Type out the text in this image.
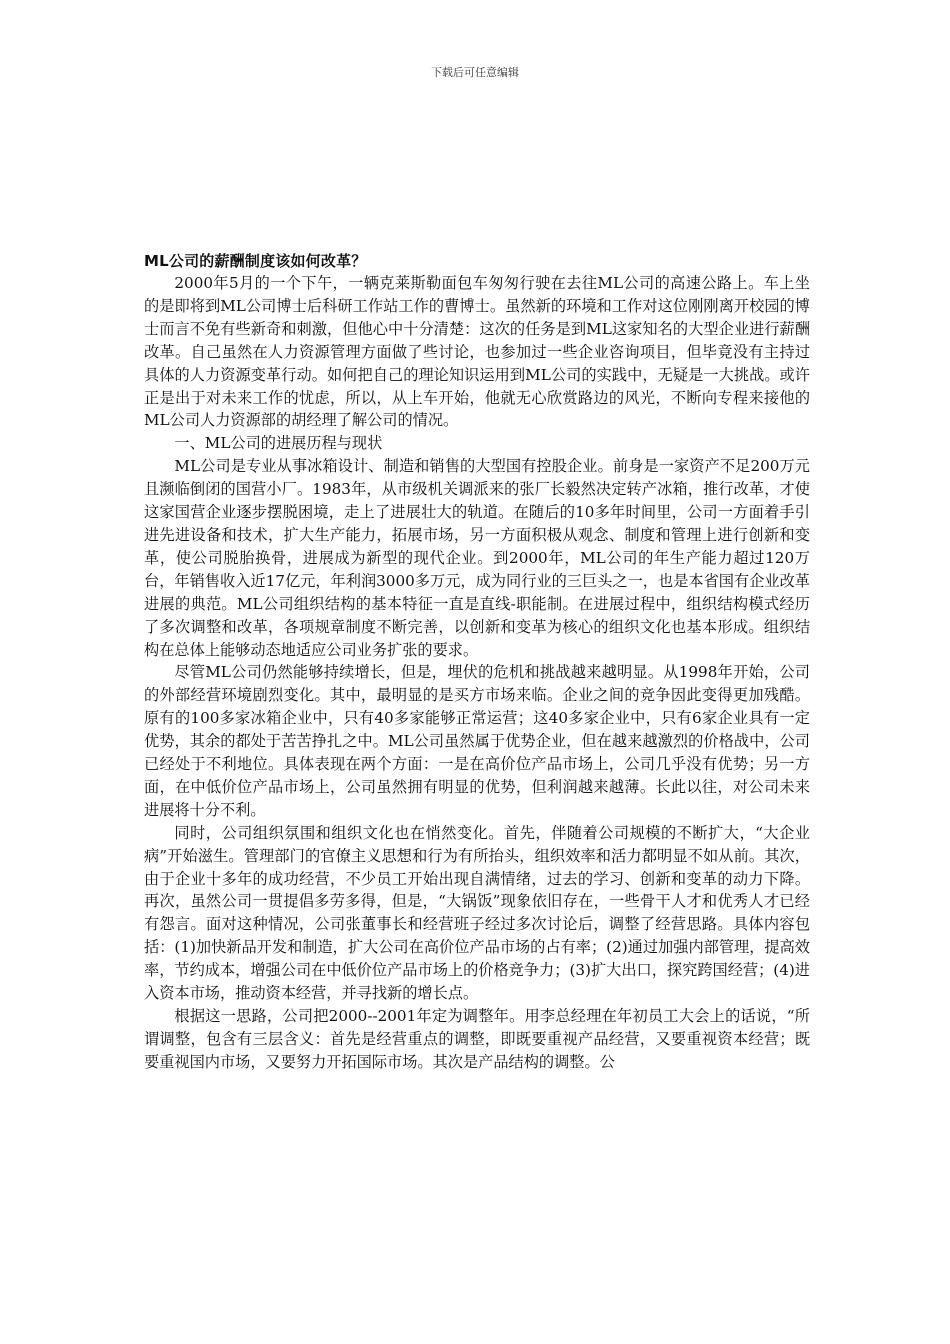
下载后可任意编辑
ML公司的薪酬制度该如何改革？

2000年5月的一个下午，一辆克莱斯勒面包车匆匆行驶在去往ML公司的高速公路上。车上坐的是即将到ML公司博士后科研工作站工作的曹博士。虽然新的环境和工作对这位刚刚离开校园的博士而言不免有些新奇和刺激，但他心中十分清楚：这次的任务是到ML这家知名的大型企业进行薪酬改革。自己虽然在人力资源管理方面做了些讨论，也参加过一些企业咨询项目，但毕竟没有主持过具体的人力资源变革行动。如何把自己的理论知识运用到ML公司的实践中，无疑是一大挑战。或许正是出于对未来工作的忧虑，所以，从上车开始，他就无心欣赏路边的风光，不断向专程来接他的ML公司人力资源部的胡经理了解公司的情况。

一、ML公司的进展历程与现状

ML公司是专业从事冰箱设计、制造和销售的大型国有控股企业。前身是一家资产不足200万元且濒临倒闭的国营小厂。1983年，从市级机关调派来的张厂长毅然决定转产冰箱，推行改革，才使这家国营企业逐步摆脱困境，走上了进展壮大的轨道。在随后的10多年时间里，公司一方面着手引进先进设备和技术，扩大生产能力，拓展市场，另一方面积极从观念、制度和管理上进行创新和变革，使公司脱胎换骨，进展成为新型的现代企业。到2000年，ML公司的年生产能力超过120万台，年销售收入近17亿元，年利润3000多万元，成为同行业的三巨头之一，也是本省国有企业改革进展的典范。ML公司组织结构的基本特征一直是直线-职能制。在进展过程中，组织结构模式经历了多次调整和改革，各项规章制度不断完善，以创新和变革为核心的组织文化也基本形成。组织结构在总体上能够动态地适应公司业务扩张的要求。

尽管ML公司仍然能够持续增长，但是，埋伏的危机和挑战越来越明显。从1998年开始，公司的外部经营环境剧烈变化。其中，最明显的是买方市场来临。企业之间的竞争因此变得更加残酷。原有的100多家冰箱企业中，只有40多家能够正常运营；这40多家企业中，只有6家企业具有一定优势，其余的都处于苦苦挣扎之中。ML公司虽然属于优势企业，但在越来越激烈的价格战中，公司已经处于不利地位。具体表现在两个方面：一是在高价位产品市场上，公司几乎没有优势；另一方面，在中低价位产品市场上，公司虽然拥有明显的优势，但利润越来越薄。长此以往，对公司未来进展将十分不利。

同时，公司组织氛围和组织文化也在悄然变化。首先，伴随着公司规模的不断扩大，“大企业病”开始滋生。管理部门的官僚主义思想和行为有所抬头，组织效率和活力都明显不如从前。其次，由于企业十多年的成功经营，不少员工开始出现自满情绪，过去的学习、创新和变革的动力下降。再次，虽然公司一贯提倡多劳多得，但是，“大锅饭”现象依旧存在，一些骨干人才和优秀人才已经有怨言。面对这种情况，公司张董事长和经营班子经过多次讨论后，调整了经营思路。具体内容包括：(1)加快新品开发和制造，扩大公司在高价位产品市场的占有率；(2)通过加强内部管理，提高效率，节约成本，增强公司在中低价位产品市场上的价格竞争力；(3)扩大出口，探究跨国经营；(4)进入资本市场，推动资本经营，并寻找新的增长点。

根据这一思路，公司把2000--2001年定为调整年。用李总经理在年初员工大会上的话说，“所谓调整，包含有三层含义：首先是经营重点的调整，即既要重视产品经营，又要重视资本经营；既要重视国内市场，又要努力开拓国际市场。其次是产品结构的调整。公
